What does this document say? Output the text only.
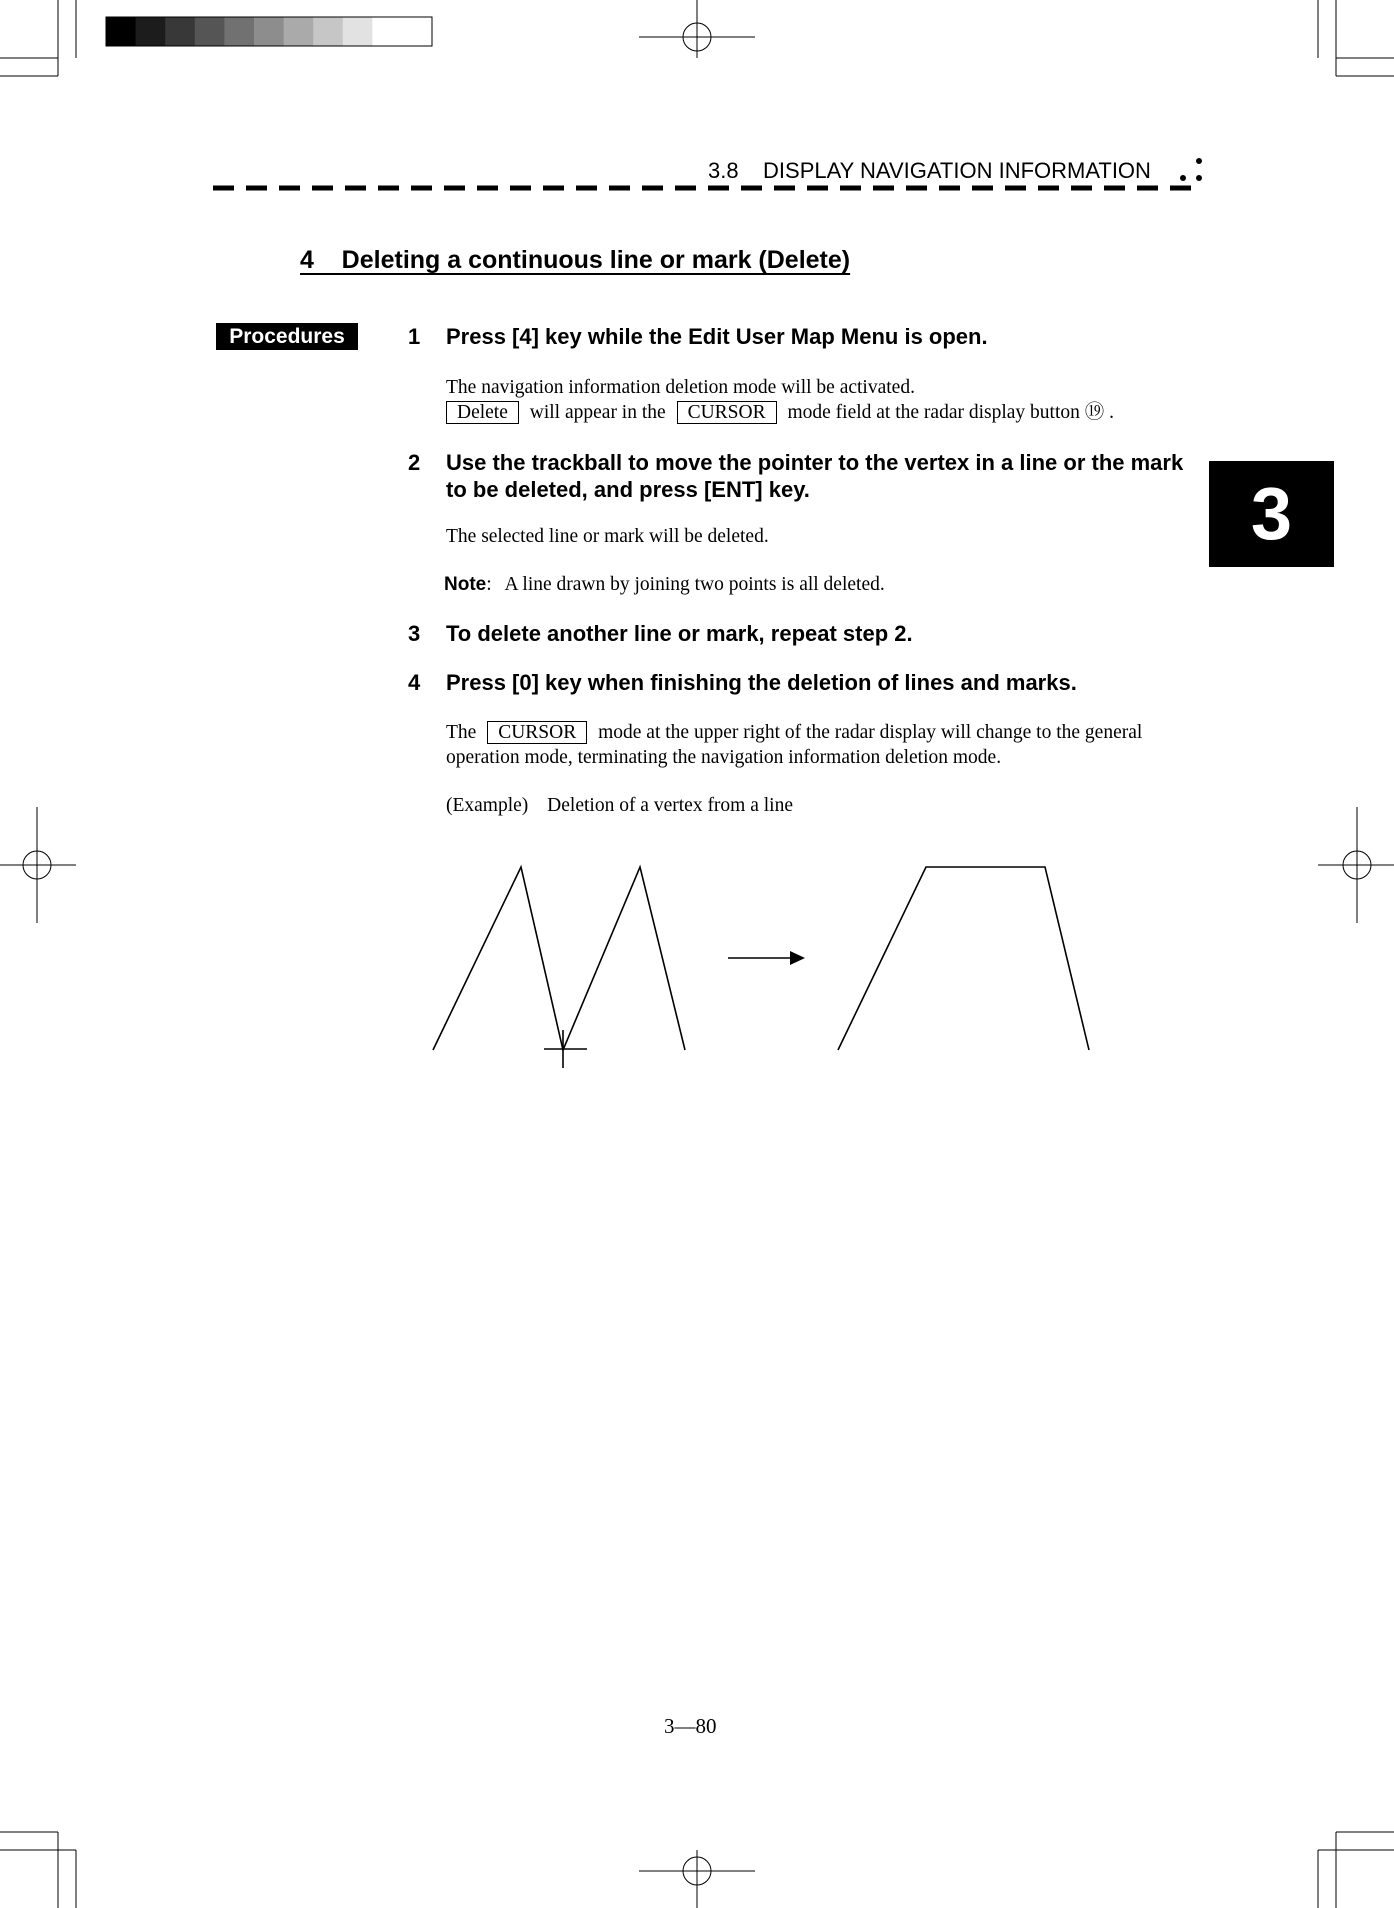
3.8    DISPLAY NAVIGATION INFORMATION
4    Deleting a continuous line or mark (Delete)
Procedures
3
1 Press [4] key while the Edit User Map Menu is open.
The navigation information deletion mode will be activated.
Delete will appear in the CURSOR mode field at the radar display button ⑲ .
2 Use the trackball to move the pointer to the vertex in a line or the mark
to be deleted, and press [ENT] key.
The selected line or mark will be deleted.
Note: A line drawn by joining two points is all deleted.
3 To delete another line or mark, repeat step 2.
4 Press [0] key when finishing the deletion of lines and marks.
The CURSOR mode at the upper right of the radar display will change to the general
operation mode, terminating the navigation information deletion mode.
(Example) Deletion of a vertex from a line
3—80
